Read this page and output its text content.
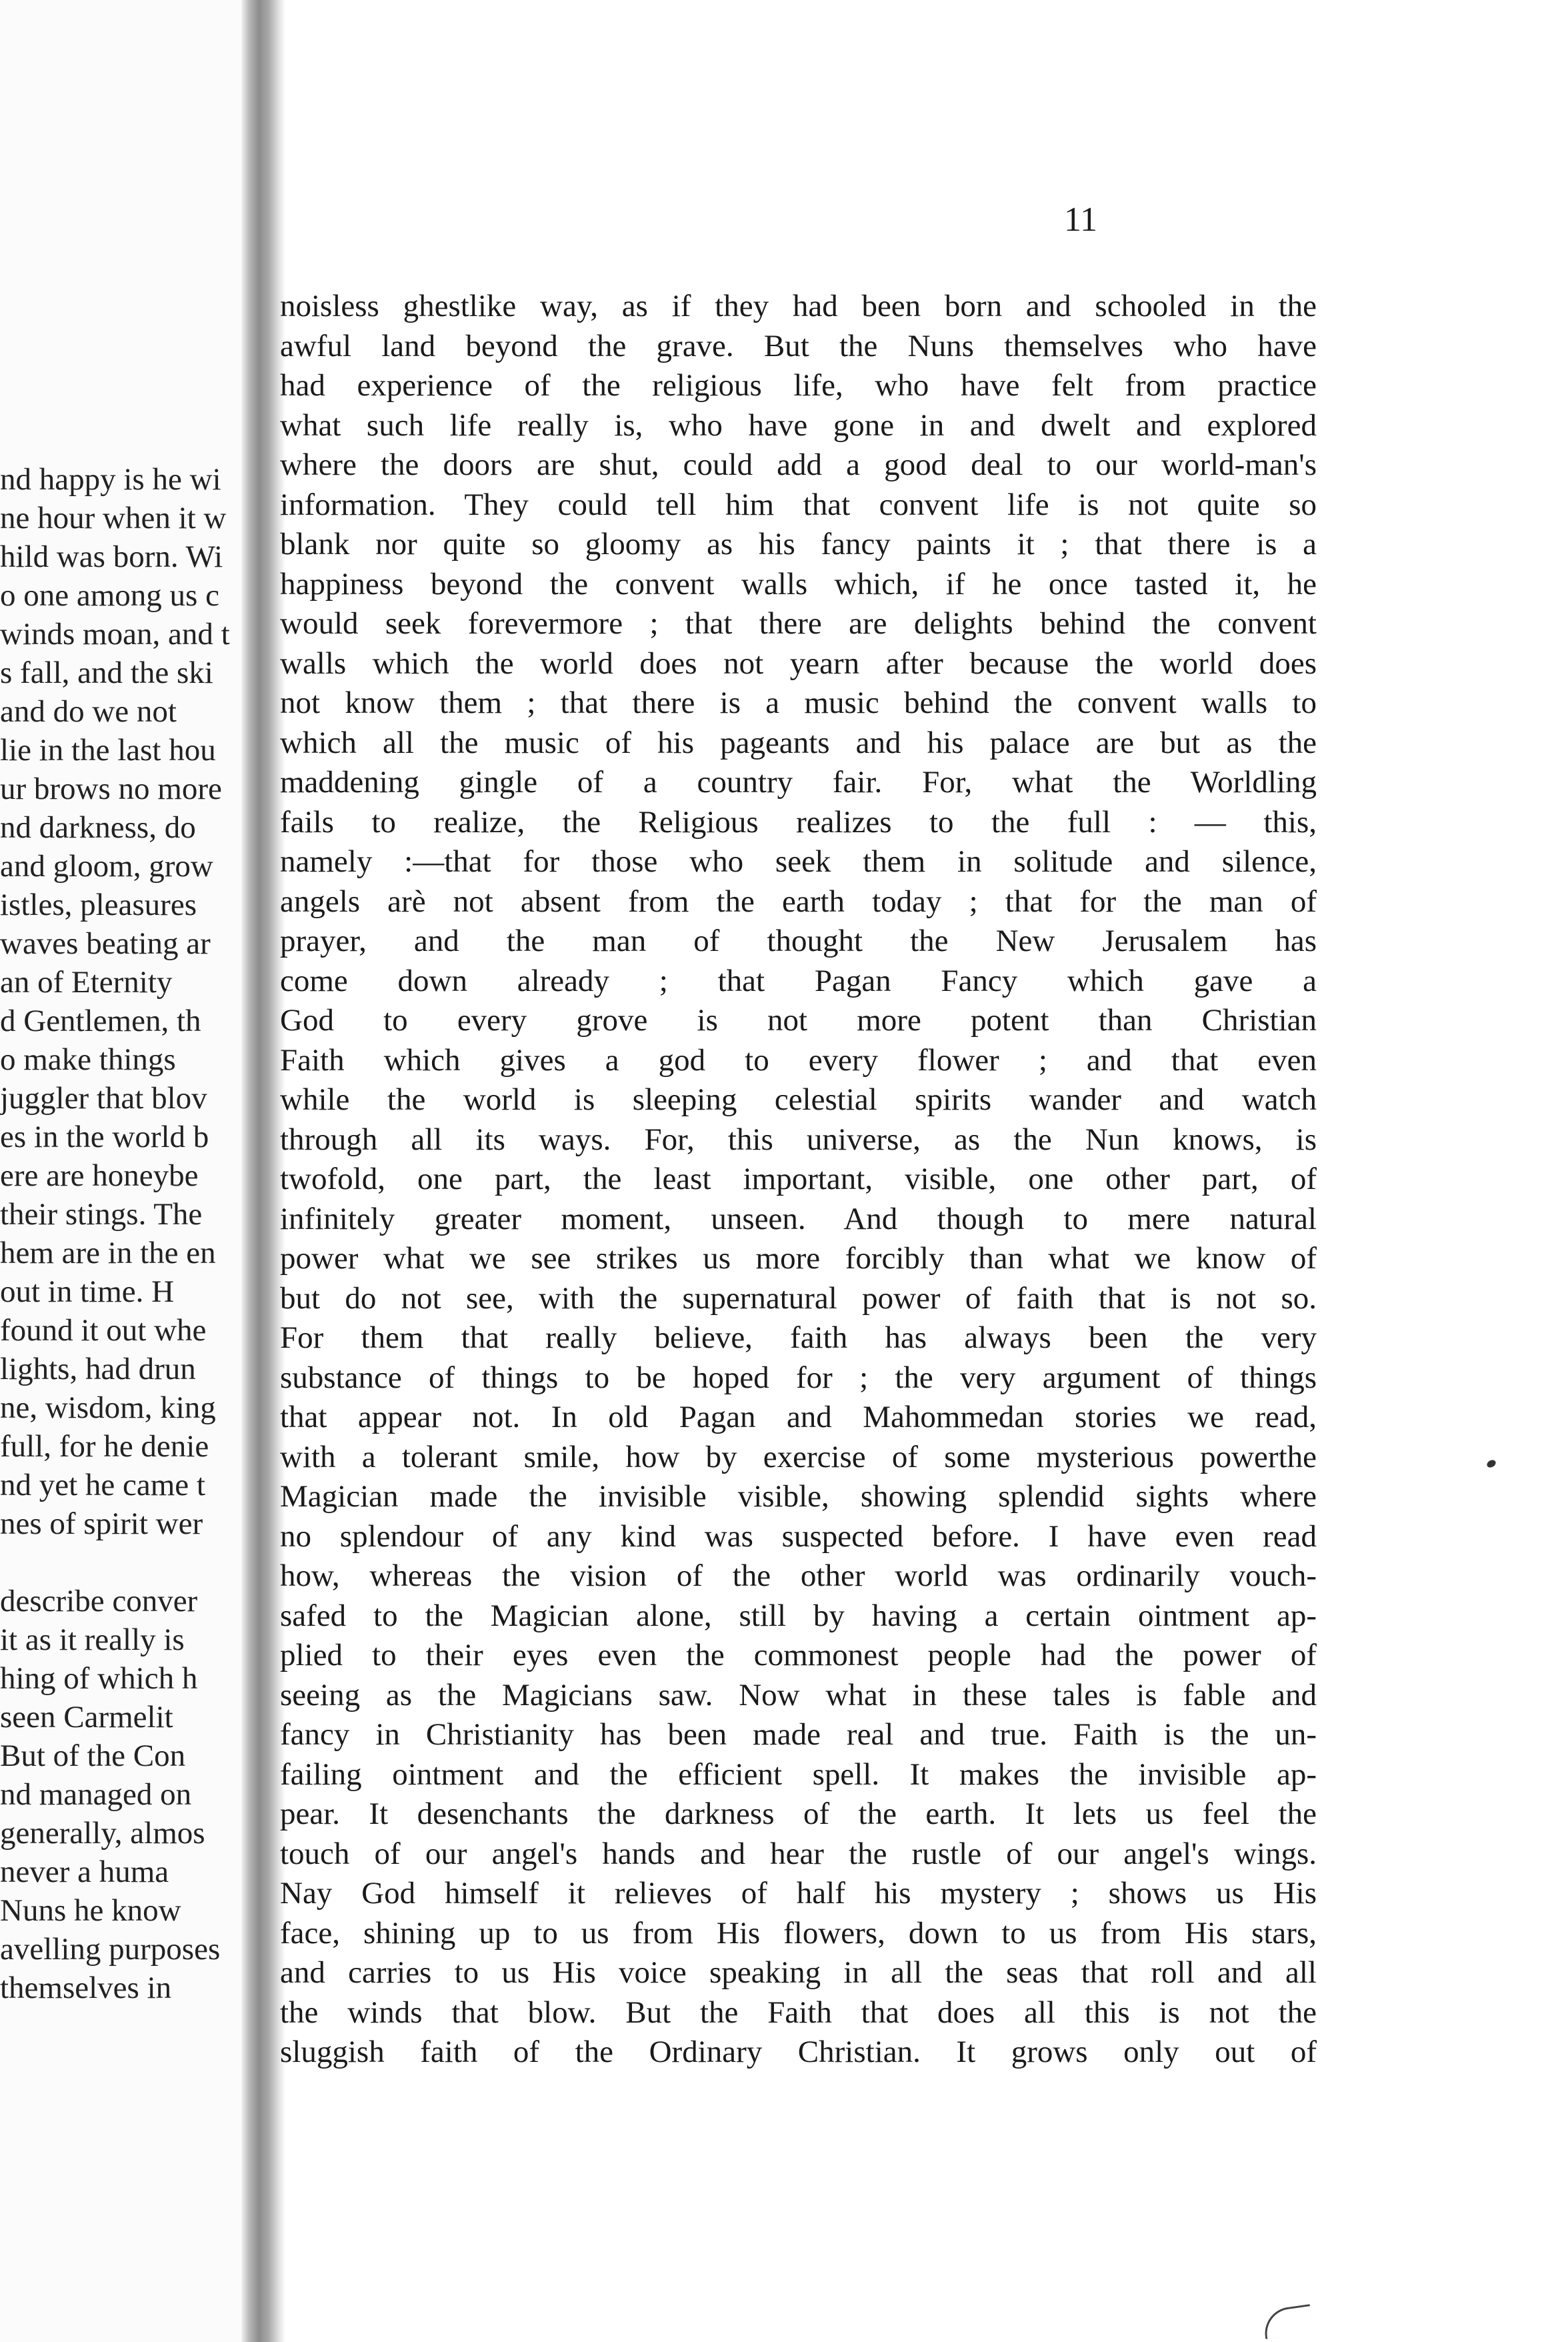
nd happy is he wi
ne hour when it w
hild was born. Wi
o one among us c
winds moan, and t
s fall, and the ski
and do we not
lie in the last hou
ur brows no more
nd darkness, do
and gloom, grow
istles, pleasures
waves beating ar
an of Eternity
d Gentlemen, th
o make things
juggler that blov
es in the world b
ere are honeybe
their stings. The
hem are in the en
out in time. H
found it out whe
lights, had drun
ne, wisdom, king
full, for he denie
nd yet he came t
nes of spirit wer
describe conver
it as it really is
hing of which h
seen Carmelit
But of the Con
nd managed on
generally, almos
never a huma
Nuns he know
avelling purposes
themselves in
11
noisless ghestlike way, as if they had been born and schooled in the
awful land beyond the grave. But the Nuns themselves who have
had experience of the religious life, who have felt from practice
what such life really is, who have gone in and dwelt and explored
where the doors are shut, could add a good deal to our world-man's
information. They could tell him that convent life is not quite so
blank nor quite so gloomy as his fancy paints it ; that there is a
happiness beyond the convent walls which, if he once tasted it, he
would seek forevermore ; that there are delights behind the convent
walls which the world does not yearn after because the world does
not know them ; that there is a music behind the convent walls to
which all the music of his pageants and his palace are but as the
maddening gingle of a country fair. For, what the Worldling
fails to realize, the Religious realizes to the full : — this,
namely :—that for those who seek them in solitude and silence,
angels arè not absent from the earth today ; that for the man of
prayer, and the man of thought the New Jerusalem has
come down already ; that Pagan Fancy which gave a
God to every grove is not more potent than Christian
Faith which gives a god to every flower ; and that even
while the world is sleeping celestial spirits wander and watch
through all its ways. For, this universe, as the Nun knows, is
twofold, one part, the least important, visible, one other part, of
infinitely greater moment, unseen. And though to mere natural
power what we see strikes us more forcibly than what we know of
but do not see, with the supernatural power of faith that is not so.
For them that really believe, faith has always been the very
substance of things to be hoped for ; the very argument of things
that appear not. In old Pagan and Mahommedan stories we read,
with a tolerant smile, how by exercise of some mysterious powerthe
Magician made the invisible visible, showing splendid sights where
no splendour of any kind was suspected before. I have even read
how, whereas the vision of the other world was ordinarily vouch-
safed to the Magician alone, still by having a certain ointment ap-
plied to their eyes even the commonest people had the power of
seeing as the Magicians saw. Now what in these tales is fable and
fancy in Christianity has been made real and true. Faith is the un-
failing ointment and the efficient spell. It makes the invisible ap-
pear. It desenchants the darkness of the earth. It lets us feel the
touch of our angel's hands and hear the rustle of our angel's wings.
Nay God himself it relieves of half his mystery ; shows us His
face, shining up to us from His flowers, down to us from His stars,
and carries to us His voice speaking in all the seas that roll and all
the winds that blow. But the Faith that does all this is not the
sluggish faith of the Ordinary Christian. It grows only out of
